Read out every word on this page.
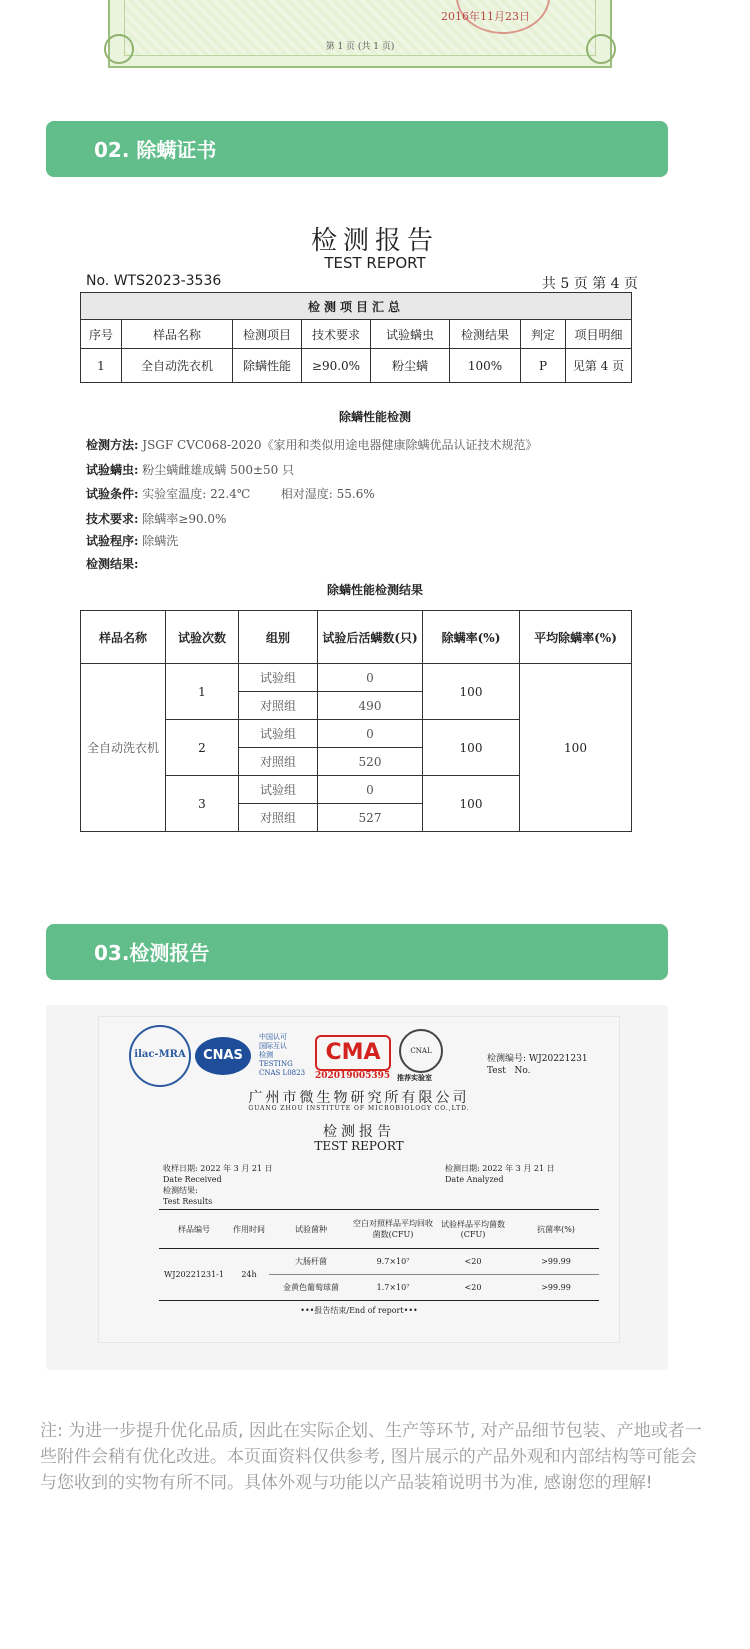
2016年11月23日
第 1 页 (共 1 页)
02. 除螨证书
检测报告
TEST REPORT
No. WTS2023-3536	共 5 页 第 4 页
检测项目汇总							
序号	样品名称	检测项目	技术要求	试验螨虫	检测结果	判定	项目明细
1	全自动洗衣机	除螨性能	≥90.0%	粉尘螨	100%	P	见第 4 页
除螨性能检测
检测方法: JSGF CVC068-2020《家用和类似用途电器健康除螨优品认证技术规范》
试验螨虫: 粉尘螨雌雄成螨 500±50 只
试验条件: 实验室温度: 22.4℃        相对湿度: 55.6%
技术要求: 除螨率≥90.0%
试验程序: 除螨洗
检测结果:
除螨性能检测结果
样品名称	试验次数	组别	试验后活螨数(只)	除螨率(%)	平均除螨率(%)
全自动洗衣机	1	试验组	0	100	100
		对照组	490		
	2	试验组	0	100	
		对照组	520		
	3	试验组	0	100	
		对照组	527		
03.检测报告
ilac-MRA	CNAS
中国认可
国际互认
检测
TESTING
CNAS L0823
CMA
202019005395
CNAL
推荐实验室
检测编号: WJ20221231
Test   No.
广州市微生物研究所有限公司
GUANG ZHOU INSTITUTE OF MICROBIOLOGY CO.,LTD.
检测报告
TEST REPORT
收样日期: 2022 年 3 月 21 日
Date Received
检测结果:
Test Results
检测日期: 2022 年 3 月 21 日
Date Analyzed
样品编号	作用时间	试验菌种	空白对照样品平均回收菌数(CFU)	试验样品平均菌数(CFU)	抗菌率(%)
WJ20221231-1	24h	大肠杆菌	9.7×10⁷	<20	>99.99
		金黄色葡萄球菌	1.7×10⁷	<20	>99.99
•••报告结束/End of report•••
注: 为进一步提升优化品质, 因此在实际企划、生产等环节, 对产品细节包装、产地或者一些附件会稍有优化改进。本页面资料仅供参考, 图片展示的产品外观和内部结构等可能会与您收到的实物有所不同。具体外观与功能以产品装箱说明书为准, 感谢您的理解!
